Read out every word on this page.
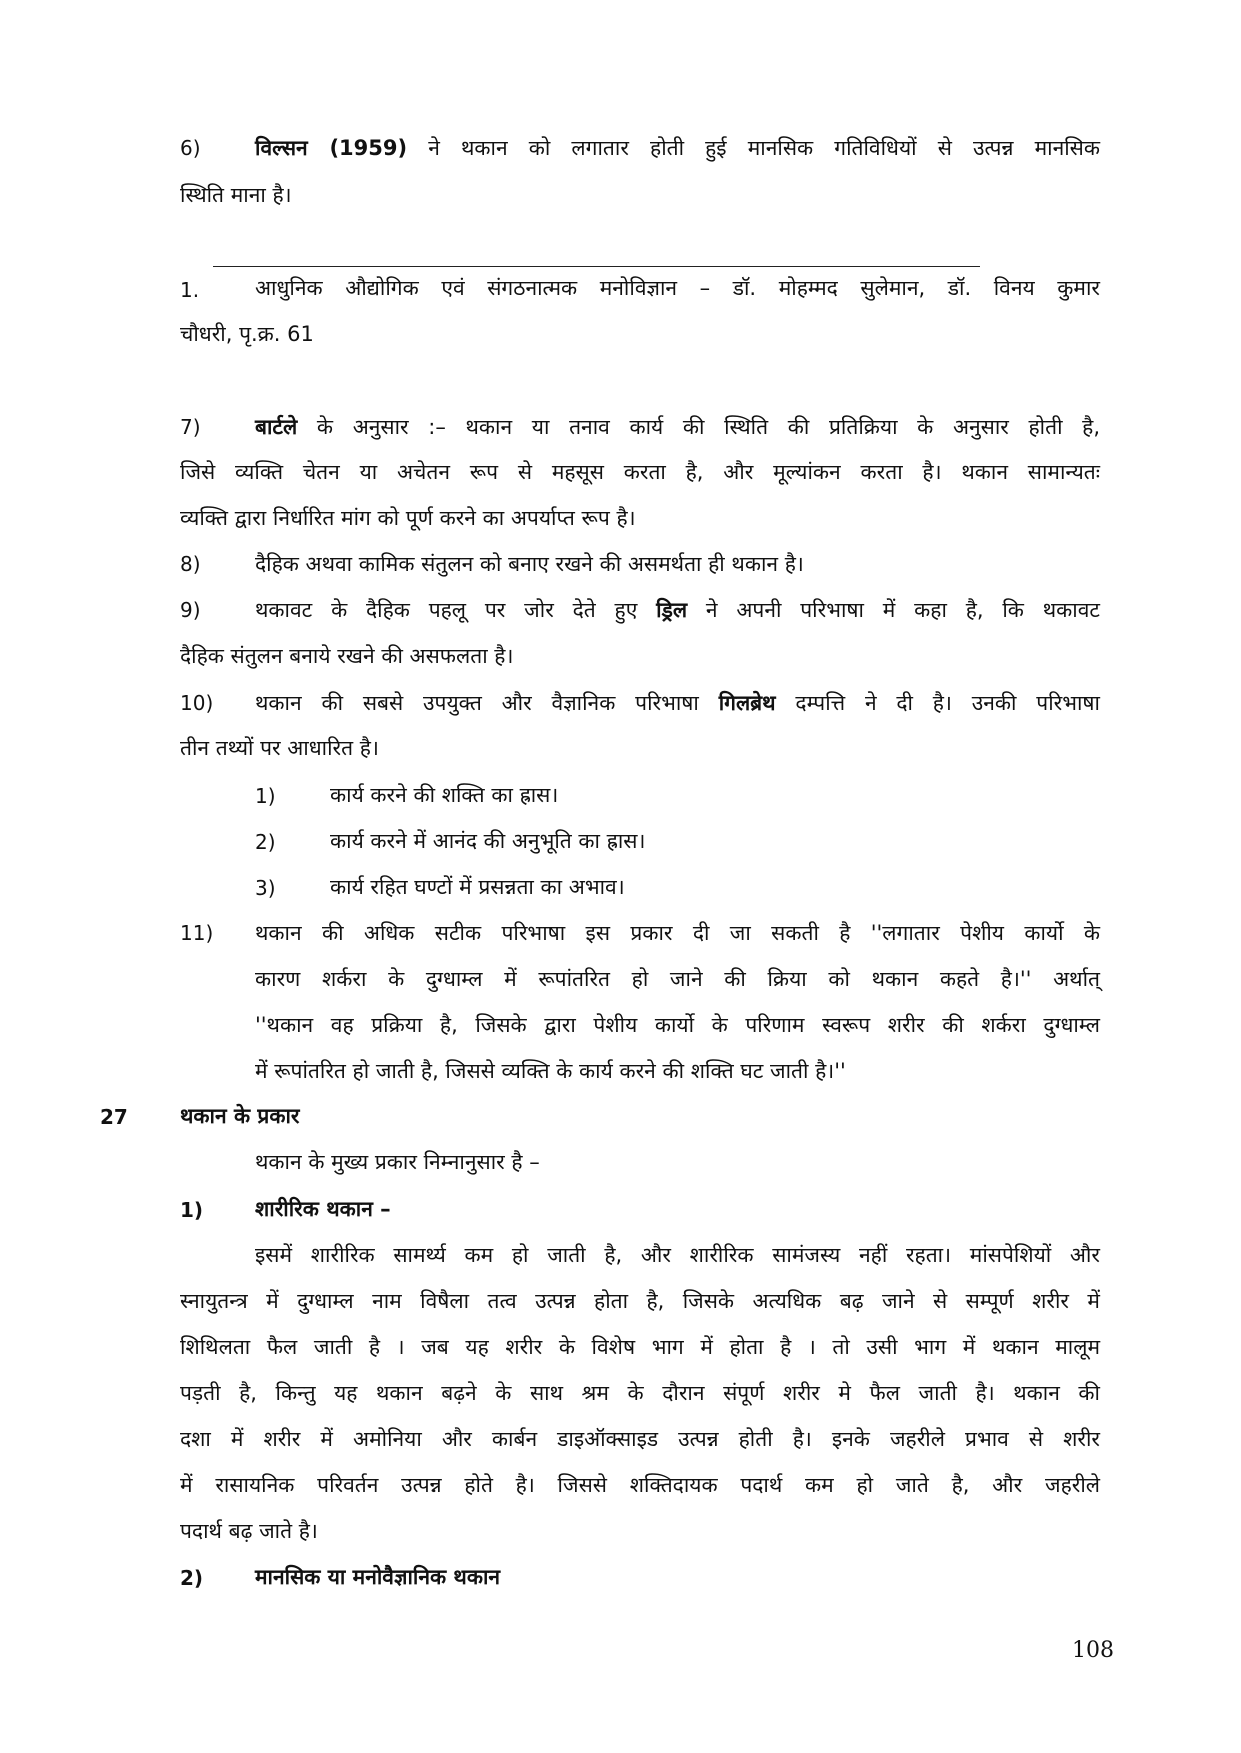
6)	विल्सन (1959) ने थकान को लगातार होती हुई मानसिक गतिविधियों से उत्पन्न मानसिक
स्थिति माना है।
1.	आधुनिक औद्योगिक एवं संगठनात्मक मनोविज्ञान – डॉ. मोहम्मद सुलेमान, डॉ. विनय कुमार
चौधरी, पृ.क्र. 61
7)	बार्टले के अनुसार :– थकान या तनाव कार्य की स्थिति की प्रतिक्रिया के अनुसार होती है,
जिसे व्यक्ति चेतन या अचेतन रूप से महसूस करता है, और मूल्यांकन करता है। थकान सामान्यतः
व्यक्ति द्वारा निर्धारित मांग को पूर्ण करने का अपर्याप्त रूप है।
8)	दैहिक अथवा कामिक संतुलन को बनाए रखने की असमर्थता ही थकान है।
9)	थकावट के दैहिक पहलू पर जोर देते हुए ड्रिल ने अपनी परिभाषा में कहा है, कि थकावट
दैहिक संतुलन बनाये रखने की असफलता है।
10) थकान की सबसे उपयुक्त और वैज्ञानिक परिभाषा गिलब्रेथ दम्पत्ति ने दी है। उनकी परिभाषा
तीन तथ्यों पर आधारित है।
1)	कार्य करने की शक्ति का ह्रास।
2)	कार्य करने में आनंद की अनुभूति का ह्रास।
3)	कार्य रहित घण्टों में प्रसन्नता का अभाव।
11) थकान की अधिक सटीक परिभाषा इस प्रकार दी जा सकती है ''लगातार पेशीय कार्यो के
कारण शर्करा के दुग्धाम्ल में रूपांतरित हो जाने की क्रिया को थकान कहते है।'' अर्थात्
''थकान वह प्रक्रिया है, जिसके द्वारा पेशीय कार्यो के परिणाम स्वरूप शरीर की शर्करा दुग्धाम्ल
में रूपांतरित हो जाती है, जिससे व्यक्ति के कार्य करने की शक्ति घट जाती है।''
27 थकान के प्रकार
थकान के मुख्य प्रकार निम्नानुसार है –
1) शारीरिक थकान –
इसमें शारीरिक सामर्थ्य कम हो जाती है, और शारीरिक सामंजस्य नहीं रहता। मांसपेशियों और
स्नायुतन्त्र में दुग्धाम्ल नाम विषैला तत्व उत्पन्न होता है, जिसके अत्यधिक बढ़ जाने से सम्पूर्ण शरीर में
शिथिलता फैल जाती है । जब यह शरीर के विशेष भाग में होता है । तो उसी भाग में थकान मालूम
पड़ती है, किन्तु यह थकान बढ़ने के साथ श्रम के दौरान संपूर्ण शरीर मे फैल जाती है। थकान की
दशा में शरीर में अमोनिया और कार्बन डाइऑक्साइड उत्पन्न होती है। इनके जहरीले प्रभाव से शरीर
में रासायनिक परिवर्तन उत्पन्न होते है। जिससे शक्तिदायक पदार्थ कम हो जाते है, और जहरीले
पदार्थ बढ़ जाते है।
2) मानसिक या मनोवैज्ञानिक थकान
108
